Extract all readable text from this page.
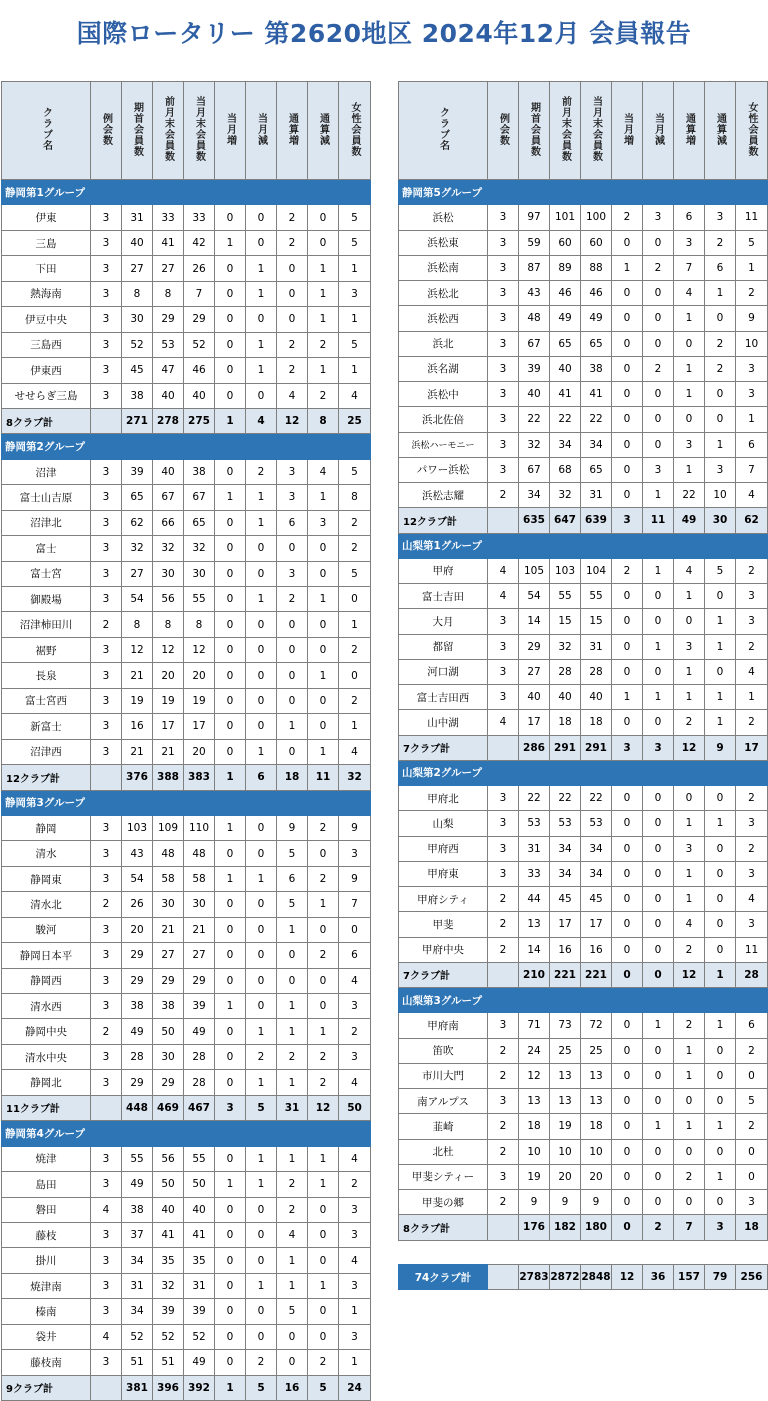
国際ロータリー 第2620地区 2024年12月 会員報告
クラブ名	例会数	期首会員数	前月末会員数	当月末会員数	当月増	当月減	通算増	通算減	女性会員数
静岡第1グループ									
伊東	3	31	33	33	0	0	2	0	5
三島	3	40	41	42	1	0	2	0	5
下田	3	27	27	26	0	1	0	1	1
熱海南	3	8	8	7	0	1	0	1	3
伊豆中央	3	30	29	29	0	0	0	1	1
三島西	3	52	53	52	0	1	2	2	5
伊東西	3	45	47	46	0	1	2	1	1
せせらぎ三島	3	38	40	40	0	0	4	2	4
8クラブ計		271	278	275	1	4	12	8	25
静岡第2グループ									
沼津	3	39	40	38	0	2	3	4	5
富士山吉原	3	65	67	67	1	1	3	1	8
沼津北	3	62	66	65	0	1	6	3	2
富士	3	32	32	32	0	0	0	0	2
富士宮	3	27	30	30	0	0	3	0	5
御殿場	3	54	56	55	0	1	2	1	0
沼津柿田川	2	8	8	8	0	0	0	0	1
裾野	3	12	12	12	0	0	0	0	2
長泉	3	21	20	20	0	0	0	1	0
富士宮西	3	19	19	19	0	0	0	0	2
新富士	3	16	17	17	0	0	1	0	1
沼津西	3	21	21	20	0	1	0	1	4
12クラブ計		376	388	383	1	6	18	11	32
静岡第3グループ									
静岡	3	103	109	110	1	0	9	2	9
清水	3	43	48	48	0	0	5	0	3
静岡東	3	54	58	58	1	1	6	2	9
清水北	2	26	30	30	0	0	5	1	7
駿河	3	20	21	21	0	0	1	0	0
静岡日本平	3	29	27	27	0	0	0	2	6
静岡西	3	29	29	29	0	0	0	0	4
清水西	3	38	38	39	1	0	1	0	3
静岡中央	2	49	50	49	0	1	1	1	2
清水中央	3	28	30	28	0	2	2	2	3
静岡北	3	29	29	28	0	1	1	2	4
11クラブ計		448	469	467	3	5	31	12	50
静岡第4グループ									
焼津	3	55	56	55	0	1	1	1	4
島田	3	49	50	50	1	1	2	1	2
磐田	4	38	40	40	0	0	2	0	3
藤枝	3	37	41	41	0	0	4	0	3
掛川	3	34	35	35	0	0	1	0	4
焼津南	3	31	32	31	0	1	1	1	3
榛南	3	34	39	39	0	0	5	0	1
袋井	4	52	52	52	0	0	0	0	3
藤枝南	3	51	51	49	0	2	0	2	1
9クラブ計		381	396	392	1	5	16	5	24
クラブ名	例会数	期首会員数	前月末会員数	当月末会員数	当月増	当月減	通算増	通算減	女性会員数
静岡第5グループ									
浜松	3	97	101	100	2	3	6	3	11
浜松東	3	59	60	60	0	0	3	2	5
浜松南	3	87	89	88	1	2	7	6	1
浜松北	3	43	46	46	0	0	4	1	2
浜松西	3	48	49	49	0	0	1	0	9
浜北	3	67	65	65	0	0	0	2	10
浜名湖	3	39	40	38	0	2	1	2	3
浜松中	3	40	41	41	0	0	1	0	3
浜北佐倍	3	22	22	22	0	0	0	0	1
浜松ハーモニー	3	32	34	34	0	0	3	1	6
パワー浜松	3	67	68	65	0	3	1	3	7
浜松志耀	2	34	32	31	0	1	22	10	4
12クラブ計		635	647	639	3	11	49	30	62
山梨第1グループ									
甲府	4	105	103	104	2	1	4	5	2
富士吉田	4	54	55	55	0	0	1	0	3
大月	3	14	15	15	0	0	0	1	3
都留	3	29	32	31	0	1	3	1	2
河口湖	3	27	28	28	0	0	1	0	4
富士吉田西	3	40	40	40	1	1	1	1	1
山中湖	4	17	18	18	0	0	2	1	2
7クラブ計		286	291	291	3	3	12	9	17
山梨第2グループ									
甲府北	3	22	22	22	0	0	0	0	2
山梨	3	53	53	53	0	0	1	1	3
甲府西	3	31	34	34	0	0	3	0	2
甲府東	3	33	34	34	0	0	1	0	3
甲府シティ	2	44	45	45	0	0	1	0	4
甲斐	2	13	17	17	0	0	4	0	3
甲府中央	2	14	16	16	0	0	2	0	11
7クラブ計		210	221	221	0	0	12	1	28
山梨第3グループ									
甲府南	3	71	73	72	0	1	2	1	6
笛吹	2	24	25	25	0	0	1	0	2
市川大門	2	12	13	13	0	0	1	0	0
南アルプス	3	13	13	13	0	0	0	0	5
韮崎	2	18	19	18	0	1	1	1	2
北杜	2	10	10	10	0	0	0	0	0
甲斐シティー	3	19	20	20	0	0	2	1	0
甲斐の郷	2	9	9	9	0	0	0	0	3
8クラブ計		176	182	180	0	2	7	3	18
74クラブ計		2783	2872	2848	12	36	157	79	256
